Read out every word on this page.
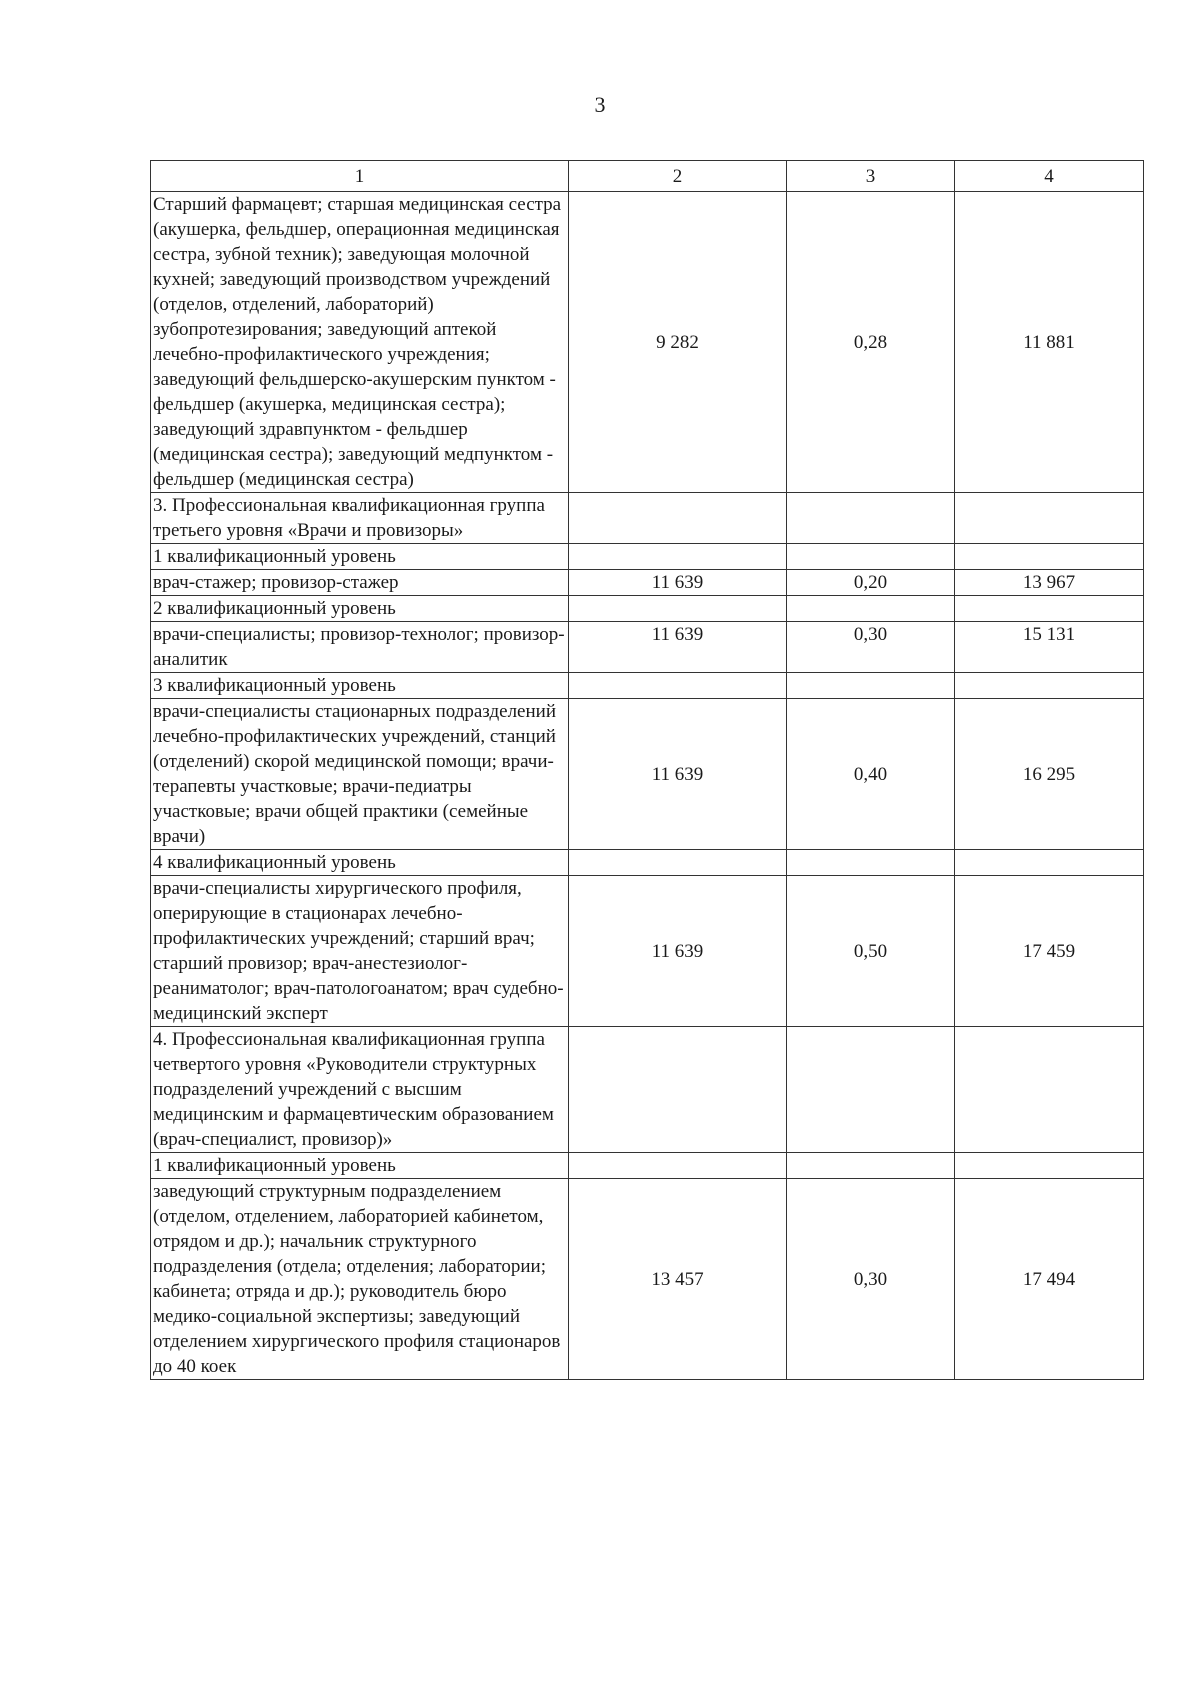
3
1	2	3	4
Старший фармацевт; старшая медицинская сестра (акушерка, фельдшер, операционная медицинская сестра, зубной техник); заведующая молочной кухней; заведующий производством учреждений (отделов, отделений, лабораторий) зубопротезирования; заведующий аптекой лечебно-профилактического учреждения; заведующий фельдшерско-акушерским пунктом - фельдшер (акушерка, медицинская сестра); заведующий здравпунктом - фельдшер (медицинская сестра); заведующий медпунктом - фельдшер (медицинская сестра)	9 282	0,28	11 881
3. Профессиональная квалификационная группа третьего уровня «Врачи и провизоры»			
1 квалификационный уровень			
врач-стажер; провизор-стажер	11 639	0,20	13 967
2 квалификационный уровень			
врачи-специалисты; провизор-технолог; провизор-аналитик	11 639	0,30	15 131
3 квалификационный уровень			
врачи-специалисты стационарных подразделений лечебно-профилактических учреждений, станций (отделений) скорой медицинской помощи; врачи-терапевты участковые; врачи-педиатры участковые; врачи общей практики (семейные врачи)	11 639	0,40	16 295
4 квалификационный уровень			
врачи-специалисты хирургического профиля, оперирующие в стационарах лечебно-профилактических учреждений; старший врач; старший провизор; врач-анестезиолог-реаниматолог; врач-патологоанатом; врач судебно-медицинский эксперт	11 639	0,50	17 459
4. Профессиональная квалификационная группа четвертого уровня «Руководители структурных подразделений учреждений с высшим медицинским и фармацевтическим образованием (врач-специалист, провизор)»			
1 квалификационный уровень			
заведующий структурным подразделением (отделом, отделением, лабораторией кабинетом, отрядом и др.); начальник структурного подразделения (отдела; отделения; лаборатории; кабинета; отряда и др.); руководитель бюро медико-социальной экспертизы; заведующий отделением хирургического профиля стационаров до 40 коек	13 457	0,30	17 494
